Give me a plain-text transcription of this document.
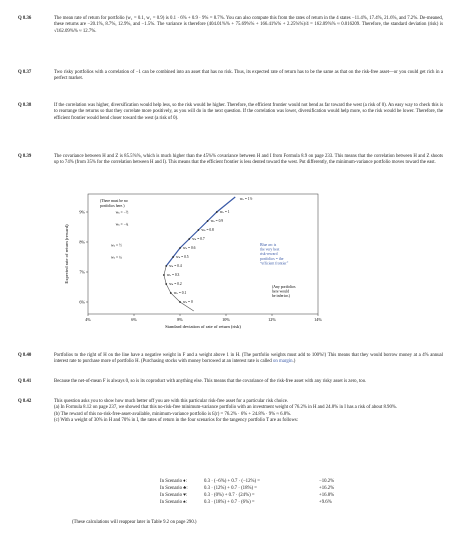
Q 8.36	The mean rate of return for portfolio (w₁ = 0.1, w₁ = 0.9) is 0.1 · 6% + 0.9 · 9% = 8.7%. You can also compute this from the rates of return in the 4 states −11.4%, 17.4%, 21.6%, and 7.2%. De-meaned, these returns are −20.1%, 8.7%, 12.9%, and −1.5%. The variance is therefore (404.01%% + 75.69%% + 166.41%% + 2.25%%)/4 = 162.09%% ≈ 0.016209. Therefore, the standard deviation (risk) is √162.09%% ≈ 12.7%.
Q 8.37	Two risky portfolios with a correlation of −1 can be combined into an asset that has no risk. Thus, its expected rate of return has to be the same as that on the risk-free asset—or you could get rich in a perfect market.
Q 8.38	If the correlation was higher, diversification would help less, so the risk would be higher. Therefore, the efficient frontier would not bend as far toward the west (a risk of 0). An easy way to check this is to rearrange the returns so that they correlate more positively, as you will do in the next question. If the correlation was lower, diversification would help more, so the risk would be lower. Therefore, the efficient frontier would bend closer toward the west (a risk of 0).
Q 8.39	The covariance between H and Z is 85.5%%, which is much higher than the 45%% covariance between H and I from Formula 8.9 on page 233. This means that the correlation between H and Z shoots up to 74% (from 35% for the correlation between H and I). This means that the efficient frontier is less dented toward the west. Put differently, the minimum-variance portfolio moves toward the east.
4%	6%	8%	10%	12%	14%
6%
7%
8%
9%	wₕ = 1
wₕ = 0.9
wₕ = 0.8
wₕ = 0.7
wₕ = 0.6
wₕ = 0.5
wₕ = 0.4
wₕ = 0.3
wₕ = 0.2
wₕ = 0.1
wₕ = 0
(There must be no
portfolios here.)
wₕ = 1½
wₕ = −½
wₕ = −¼
wₕ = ½
wₕ = ¼
Blue arc is
the very best
risk-reward
portfolios = the
“efficient frontier”
(Any portfolios
here would
be inferior.)
Standard deviation of rate of return (risk)
Expected rate of return (reward)
Q 8.40	Portfolios to the right of H on the line have a negative weight in F and a weight above 1 in H. (The portfolio weights must add to 100%!) This means that they would borrow money at a 4% annual interest rate to purchase more of portfolio H. (Purchasing stocks with money borrowed at an interest rate is called on margin.)
Q 8.41	Because the net-of-mean F is always 0, so is its coproduct with anything else. This means that the covariance of the risk-free asset with any risky asset is zero, too.
Q 8.42	This question asks you to show how much better off you are with this particular risk-free asset for a particular risk choice.

(a) In Formula 8.12 on page 237, we showed that this no-risk-free minimum-variance portfolio with an investment weight of 76.2% in H and 24.8% in I has a risk of about 8.90%.

(b) The reward of this no-risk-free-asset-available, minimum-variance portfolio is Ɛ(r) = 76.2% · 6% + 24.8% · 9% ≈ 6.8%.

(c) With a weight of 30% in H and 70% in I, the rates of return in the four scenarios for the tangency portfolio T are as follows:

In Scenario ♦:	0.3 · (−6%) + 0.7 · (−12%) =	−10.2%
In Scenario ♣:	0.3 · (12%) + 0.7 · (18%) =	+16.2%
In Scenario ♥:	0.3 · (0%) + 0.7 · (24%) =	+16.8%
In Scenario ♠:	0.3 · (18%) + 0.7 · (6%) =	+9.6%
(These calculations will reappear later in Table 9.2 on page 290.)
